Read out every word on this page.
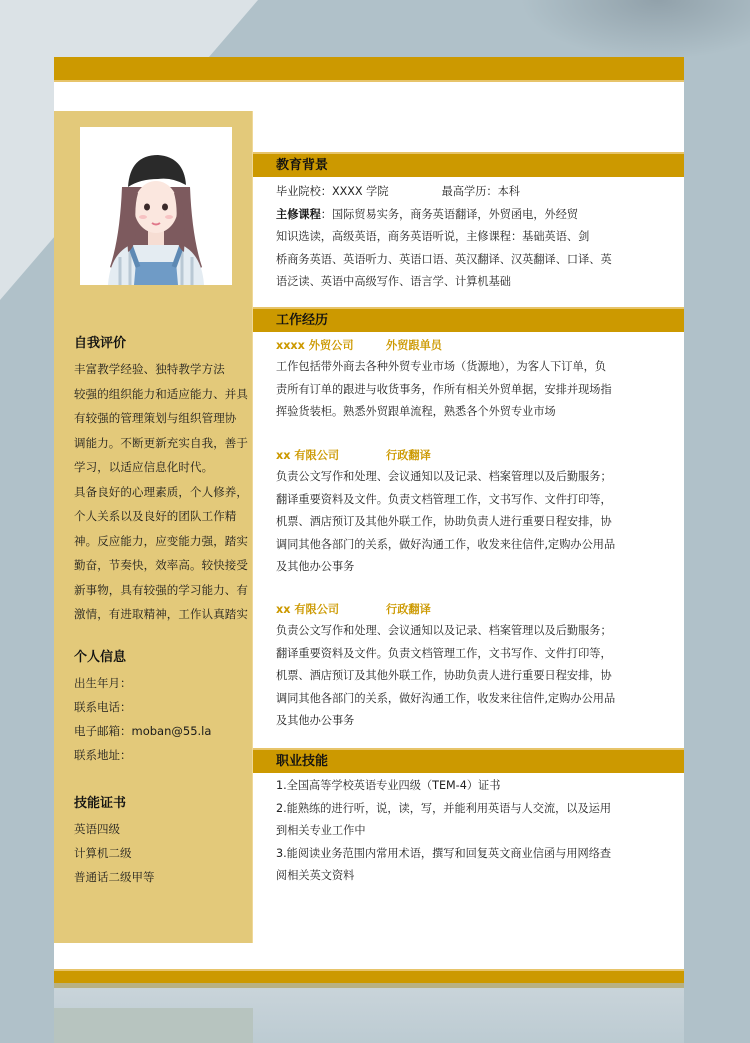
自我评价
丰富教学经验、独特教学方法
较强的组织能力和适应能力、并具
有较强的管理策划与组织管理协
调能力。不断更新充实自我，善于
学习，以适应信息化时代。
具备良好的心理素质，个人修养，
个人关系以及良好的团队工作精
神。反应能力，应变能力强，踏实
勤奋，节奏快，效率高。较快接受
新事物，具有较强的学习能力、有
激情，有进取精神，工作认真踏实
个人信息
出生年月：
联系电话：
电子邮箱：moban@55.la
联系地址：
技能证书
英语四级
计算机二级
普通话二级甲等
教育背景
毕业院校：XXXX 学院	最高学历：本科
主修课程：国际贸易实务，商务英语翻译，外贸函电，外经贸
知识选读，高级英语，商务英语听说，主修课程：基础英语、剑
桥商务英语、英语听力、英语口语、英汉翻译、汉英翻译、口译、英
语泛读、英语中高级写作、语言学、计算机基础
工作经历
xxxx 外贸公司	外贸跟单员
工作包括带外商去各种外贸专业市场（货源地），为客人下订单，负
责所有订单的跟进与收货事务，作所有相关外贸单据，安排并现场指
挥验货装柜。熟悉外贸跟单流程，熟悉各个外贸专业市场
xx 有限公司	行政翻译
负责公文写作和处理、会议通知以及记录、档案管理以及后勤服务；
翻译重要资料及文件。负责文档管理工作，文书写作、文件打印等，
机票、酒店预订及其他外联工作，协助负责人进行重要日程安排，协
调同其他各部门的关系，做好沟通工作，收发来往信件,定购办公用品
及其他办公事务
xx 有限公司	行政翻译
负责公文写作和处理、会议通知以及记录、档案管理以及后勤服务；
翻译重要资料及文件。负责文档管理工作，文书写作、文件打印等，
机票、酒店预订及其他外联工作，协助负责人进行重要日程安排，协
调同其他各部门的关系，做好沟通工作，收发来往信件,定购办公用品
及其他办公事务
职业技能
1.全国高等学校英语专业四级（TEM-4）证书
2.能熟练的进行听，说，读，写，并能利用英语与人交流，以及运用
到相关专业工作中
3.能阅读业务范围内常用术语，撰写和回复英文商业信函与用网络查
阅相关英文资料
